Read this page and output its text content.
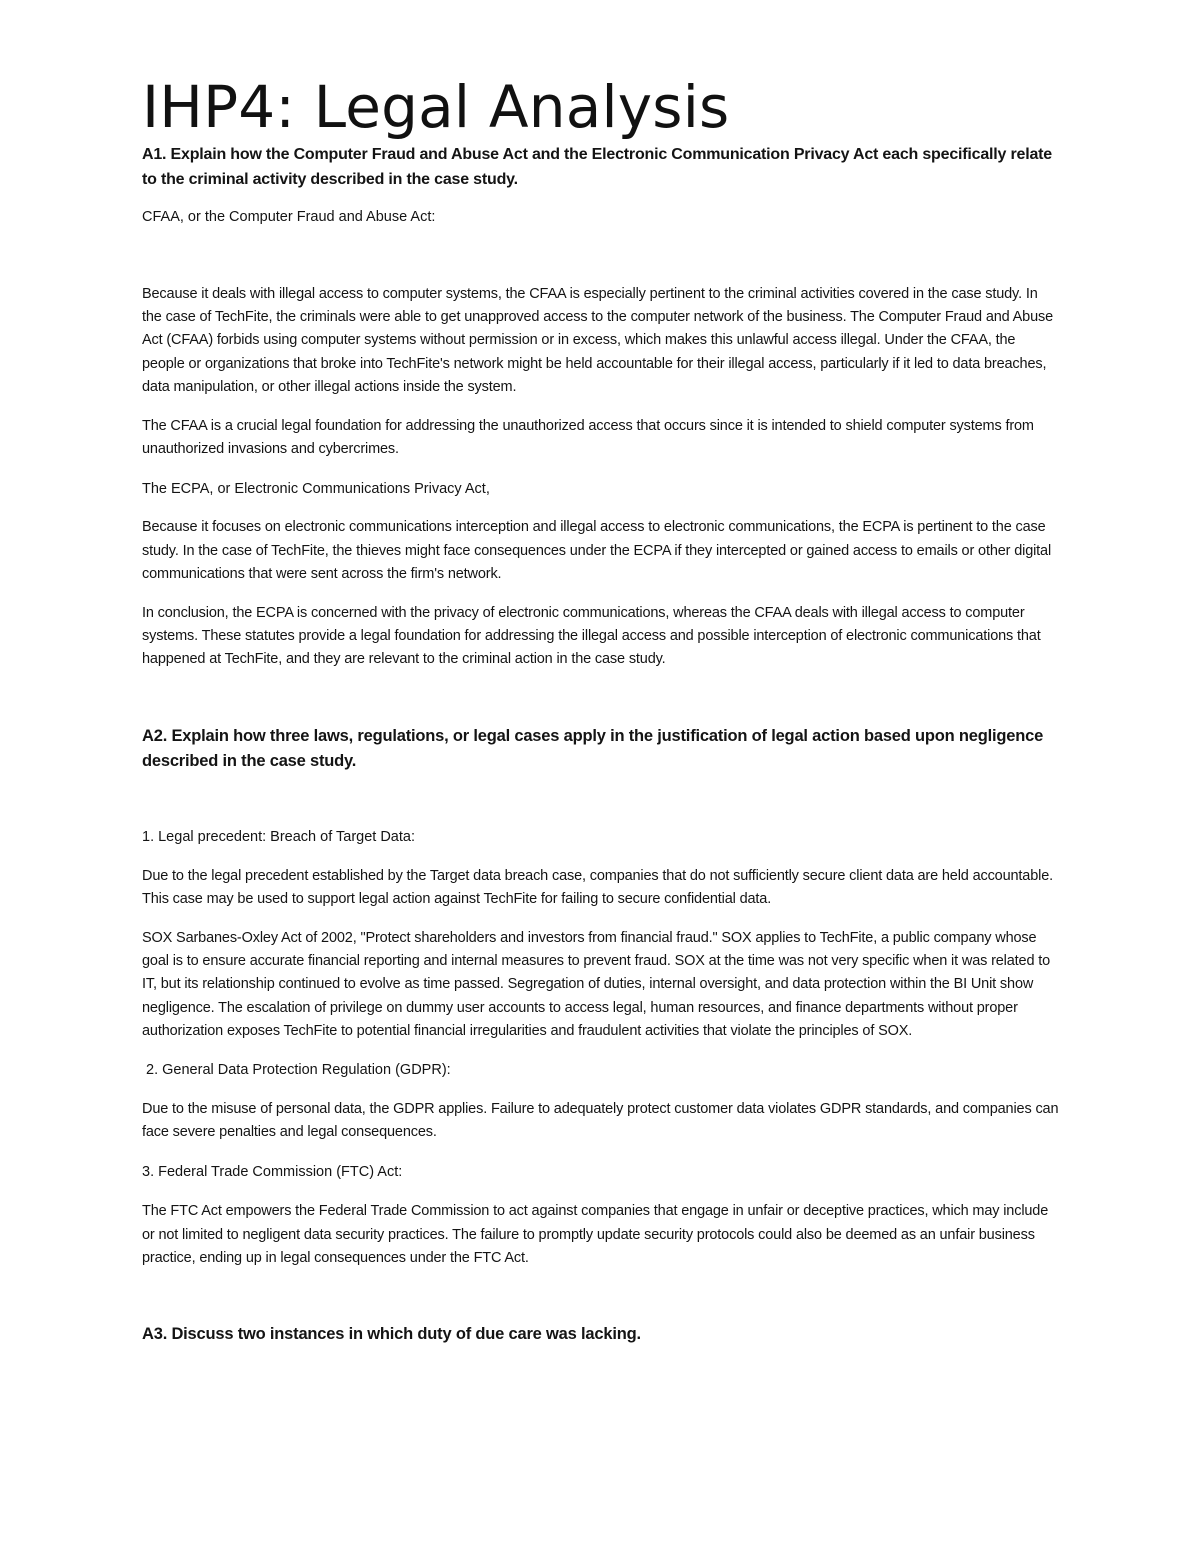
IHP4: Legal Analysis

A1. Explain how the Computer Fraud and Abuse Act and the Electronic Communication Privacy Act each specifically relate to the criminal activity described in the case study.

CFAA, or the Computer Fraud and Abuse Act:

Because it deals with illegal access to computer systems, the CFAA is especially pertinent to the criminal activities covered in the case study. In the case of TechFite, the criminals were able to get unapproved access to the computer network of the business. The Computer Fraud and Abuse Act (CFAA) forbids using computer systems without permission or in excess, which makes this unlawful access illegal. Under the CFAA, the people or organizations that broke into TechFite's network might be held accountable for their illegal access, particularly if it led to data breaches, data manipulation, or other illegal actions inside the system.

The CFAA is a crucial legal foundation for addressing the unauthorized access that occurs since it is intended to shield computer systems from unauthorized invasions and cybercrimes.

The ECPA, or Electronic Communications Privacy Act,

Because it focuses on electronic communications interception and illegal access to electronic communications, the ECPA is pertinent to the case study. In the case of TechFite, the thieves might face consequences under the ECPA if they intercepted or gained access to emails or other digital communications that were sent across the firm's network.

In conclusion, the ECPA is concerned with the privacy of electronic communications, whereas the CFAA deals with illegal access to computer systems. These statutes provide a legal foundation for addressing the illegal access and possible interception of electronic communications that happened at TechFite, and they are relevant to the criminal action in the case study.

A2. Explain how three laws, regulations, or legal cases apply in the justification of legal action based upon negligence described in the case study.

1. Legal precedent: Breach of Target Data:

Due to the legal precedent established by the Target data breach case, companies that do not sufficiently secure client data are held accountable. This case may be used to support legal action against TechFite for failing to secure confidential data.

SOX Sarbanes-Oxley Act of 2002, "Protect shareholders and investors from financial fraud." SOX applies to TechFite, a public company whose goal is to ensure accurate financial reporting and internal measures to prevent fraud. SOX at the time was not very specific when it was related to IT, but its relationship continued to evolve as time passed. Segregation of duties, internal oversight, and data protection within the BI Unit show negligence. The escalation of privilege on dummy user accounts to access legal, human resources, and finance departments without proper authorization exposes TechFite to potential financial irregularities and fraudulent activities that violate the principles of SOX.

2. General Data Protection Regulation (GDPR):

Due to the misuse of personal data, the GDPR applies. Failure to adequately protect customer data violates GDPR standards, and companies can face severe penalties and legal consequences.

3. Federal Trade Commission (FTC) Act:

The FTC Act empowers the Federal Trade Commission to act against companies that engage in unfair or deceptive practices, which may include or not limited to negligent data security practices. The failure to promptly update security protocols could also be deemed as an unfair business practice, ending up in legal consequences under the FTC Act.

A3. Discuss two instances in which duty of due care was lacking.
